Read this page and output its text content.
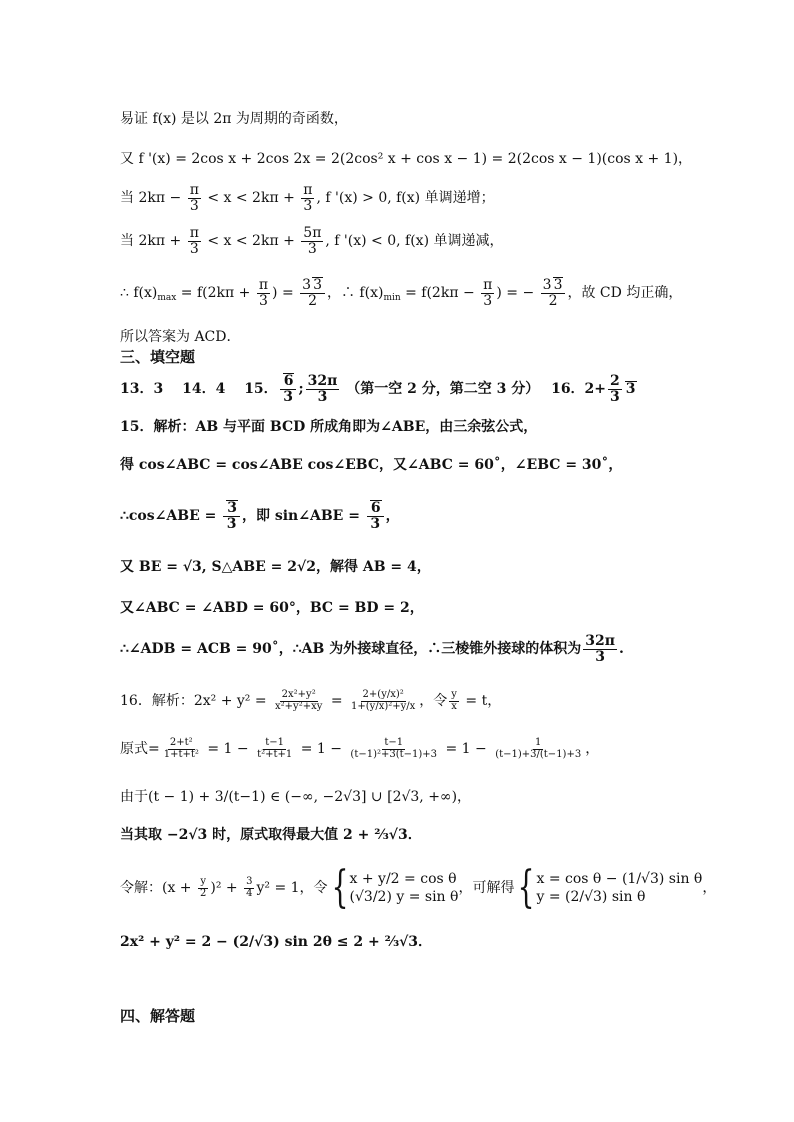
易证 f(x) 是以 2π 为周期的奇函数，
又 f '(x) = 2cos x + 2cos 2x = 2(2cos² x + cos x − 1) = 2(2cos x − 1)(cos x + 1)，
当 $2k\pi - \frac{\pi}{3} < x < 2k\pi + \frac{\pi}{3}$ , f '(x) > 0, f(x) 单调递增；
当 $2k\pi + \frac{\pi}{3} < x < 2k\pi + \frac{5\pi}{3}$ , f '(x) < 0, f(x) 单调递减，
∴ $f(x)_{max} = f(2k\pi + \frac{\pi}{3}$ ) = $\frac{3 3}{2}$ ，∴ $f(x)_{min} = f(2k\pi - \frac{\pi}{3}$ ) = − $\frac{3 3}{2}$ ，故 CD 均正确，
所以答案为 ACD．
三、填空题
13．3　 14．4　 15． $\frac{6}{3}$ ; $\frac{32\pi}{3}$ （第一空 2 分，第二空 3 分）　 16．$2+ \frac{2}{3} 3$
15．解析：AB 与平面 BCD 所成角即为∠ABE，由三余弦公式，
得 cos∠ABC = cos∠ABE cos∠EBC，又∠ABC = 60˚，∠EBC = 30˚，
∴cos∠ABE = $\frac{3}{3}$ ，即 sin∠ABE = $\frac{6}{3}$ ，
又 BE = √3, S△ABE = 2√2，解得 AB = 4，
又∠ABC = ∠ABD = 60°，BC = BD = 2，
∴∠ADB = ACB = 90˚，∴AB 为外接球直径，∴三棱锥外接球的体积为 $\frac{32\pi}{3}$ .
16．解析：$2x^2 + y^2 = \frac{\text{2x²+y²}}{\text{x²+y²+xy}} = \frac{\text{2+(y/x)²}}{\text{1+(y/x)²+y/x}}$ ，令 $\frac{y}{x} = t$，
原式= $\frac{\text{2+t²}}{\text{1+t+t²}} = 1 - \frac{t-1}{\text{t²+t+1}} = 1 - \frac{t-1}{\text{(t−1)²+3(t−1)+3}} = 1 - \frac{1}{(t-1)+3/(t-1)+3}$ ，
由于(t − 1) + 3/(t−1) ∈ (−∞, −2√3] ∪ [2√3, +∞)，
当其取 −2√3 时，原式取得最大值 2 + ⅔√3．
令解：$(x + \frac{y}{2} )^2 + \frac{3}{4} y^2 = 1$，令{ x + y/2 = cos θ
(√3/2) y = sin θ
，可解得{ x = cos θ − (1/√3) sin θ
y = (2/√3) sin θ
，
2x² + y² = 2 − (2/√3) sin 2θ ≤ 2 + ⅔√3．
四、解答题
